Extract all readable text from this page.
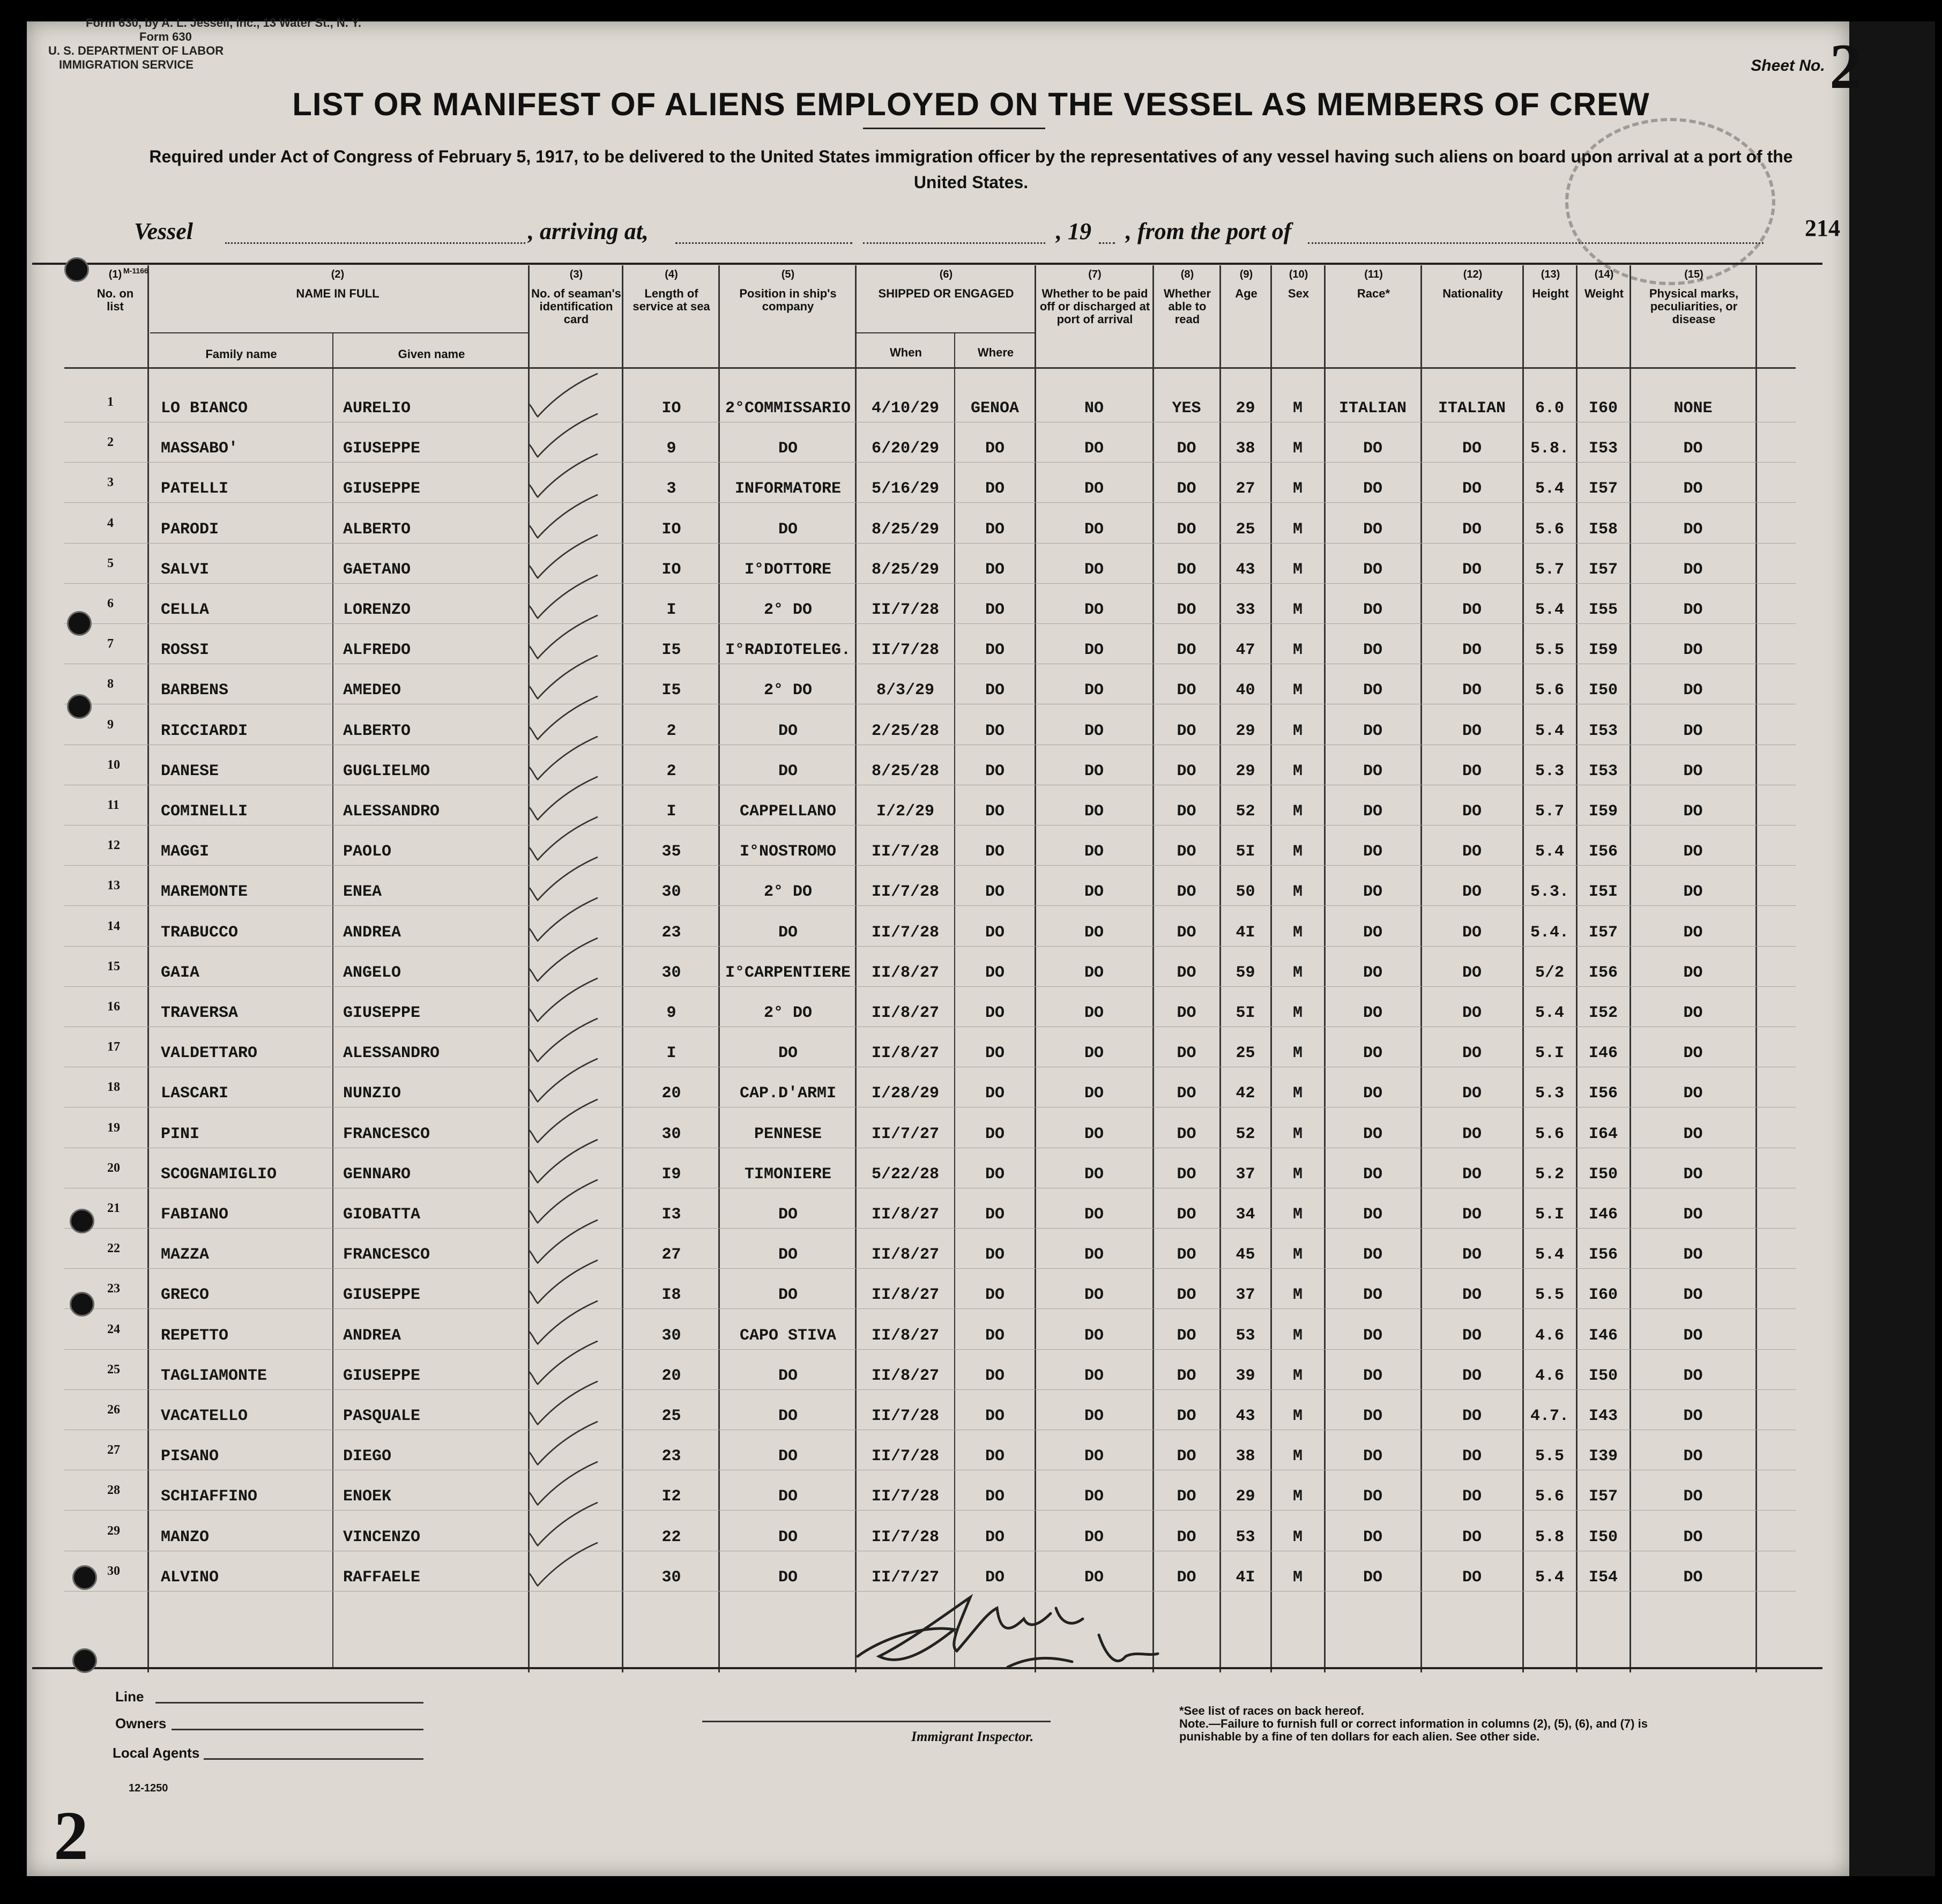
Form 630, by A. L. Jessell, Inc., 13 Water St., N. Y.
Form 630
U. S. DEPARTMENT OF LABOR
IMMIGRATION SERVICE	Sheet No. 2
LIST OR MANIFEST OF ALIENS EMPLOYED ON THE VESSEL AS MEMBERS OF CREW
Required under Act of Congress of February 5, 1917, to be delivered to the United States immigration officer by the representatives of any vessel having such aliens on board upon arrival at a port of the United States.
Vessel	, arriving at,	, 19 , from the port of	214
M-1166
(1)
No. on list
(2)
NAME IN FULL
Family name	Given name
(3)
No. of seaman's identification card
(4)
Length of service at sea
(5)
Position in ship's company
(6)
SHIPPED OR ENGAGED
When	Where
(7)
Whether to be paid off or discharged at port of arrival
(8)
Whether able to read
(9)
Age
(10)
Sex
(11)
Race*
(12)
Nationality
(13)
Height
(14)
Weight
(15)
Physical marks, peculiarities, or disease
1	LO BIANCO	AURELIO	IO	2°COMMISSARIO	4/10/29	GENOA	NO	YES	29	M	ITALIAN	ITALIAN	6.0	I60	NONE
2	MASSABO'	GIUSEPPE	9	DO	6/20/29	DO	DO	DO	38	M	DO	DO	5.8.	I53	DO
3	PATELLI	GIUSEPPE	3	INFORMATORE	5/16/29	DO	DO	DO	27	M	DO	DO	5.4	I57	DO
4	PARODI	ALBERTO	IO	DO	8/25/29	DO	DO	DO	25	M	DO	DO	5.6	I58	DO
5	SALVI	GAETANO	IO	I°DOTTORE	8/25/29	DO	DO	DO	43	M	DO	DO	5.7	I57	DO
6	CELLA	LORENZO	I	2° DO	II/7/28	DO	DO	DO	33	M	DO	DO	5.4	I55	DO
7	ROSSI	ALFREDO	I5	I°RADIOTELEG.	II/7/28	DO	DO	DO	47	M	DO	DO	5.5	I59	DO
8	BARBENS	AMEDEO	I5	2° DO	8/3/29	DO	DO	DO	40	M	DO	DO	5.6	I50	DO
9	RICCIARDI	ALBERTO	2	DO	2/25/28	DO	DO	DO	29	M	DO	DO	5.4	I53	DO
10	DANESE	GUGLIELMO	2	DO	8/25/28	DO	DO	DO	29	M	DO	DO	5.3	I53	DO
11	COMINELLI	ALESSANDRO	I	CAPPELLANO	I/2/29	DO	DO	DO	52	M	DO	DO	5.7	I59	DO
12	MAGGI	PAOLO	35	I°NOSTROMO	II/7/28	DO	DO	DO	5I	M	DO	DO	5.4	I56	DO
13	MAREMONTE	ENEA	30	2° DO	II/7/28	DO	DO	DO	50	M	DO	DO	5.3.	I5I	DO
14	TRABUCCO	ANDREA	23	DO	II/7/28	DO	DO	DO	4I	M	DO	DO	5.4.	I57	DO
15	GAIA	ANGELO	30	I°CARPENTIERE	II/8/27	DO	DO	DO	59	M	DO	DO	5/2	I56	DO
16	TRAVERSA	GIUSEPPE	9	2° DO	II/8/27	DO	DO	DO	5I	M	DO	DO	5.4	I52	DO
17	VALDETTARO	ALESSANDRO	I	DO	II/8/27	DO	DO	DO	25	M	DO	DO	5.I	I46	DO
18	LASCARI	NUNZIO	20	CAP.D'ARMI	I/28/29	DO	DO	DO	42	M	DO	DO	5.3	I56	DO
19	PINI	FRANCESCO	30	PENNESE	II/7/27	DO	DO	DO	52	M	DO	DO	5.6	I64	DO
20	SCOGNAMIGLIO	GENNARO	I9	TIMONIERE	5/22/28	DO	DO	DO	37	M	DO	DO	5.2	I50	DO
21	FABIANO	GIOBATTA	I3	DO	II/8/27	DO	DO	DO	34	M	DO	DO	5.I	I46	DO
22	MAZZA	FRANCESCO	27	DO	II/8/27	DO	DO	DO	45	M	DO	DO	5.4	I56	DO
23	GRECO	GIUSEPPE	I8	DO	II/8/27	DO	DO	DO	37	M	DO	DO	5.5	I60	DO
24	REPETTO	ANDREA	30	CAPO STIVA	II/8/27	DO	DO	DO	53	M	DO	DO	4.6	I46	DO
25	TAGLIAMONTE	GIUSEPPE	20	DO	II/8/27	DO	DO	DO	39	M	DO	DO	4.6	I50	DO
26	VACATELLO	PASQUALE	25	DO	II/7/28	DO	DO	DO	43	M	DO	DO	4.7.	I43	DO
27	PISANO	DIEGO	23	DO	II/7/28	DO	DO	DO	38	M	DO	DO	5.5	I39	DO
28	SCHIAFFINO	ENOEK	I2	DO	II/7/28	DO	DO	DO	29	M	DO	DO	5.6	I57	DO
29	MANZO	VINCENZO	22	DO	II/7/28	DO	DO	DO	53	M	DO	DO	5.8	I50	DO
30	ALVINO	RAFFAELE	30	DO	II/7/27	DO	DO	DO	4I	M	DO	DO	5.4	I54	DO
Line
Owners
Local Agents
Immigrant Inspector.
*See list of races on back hereof.
Note.—Failure to furnish full or correct information in columns (2), (5), (6), and (7) is punishable by a fine of ten dollars for each alien. See other side.
12-1250
2
